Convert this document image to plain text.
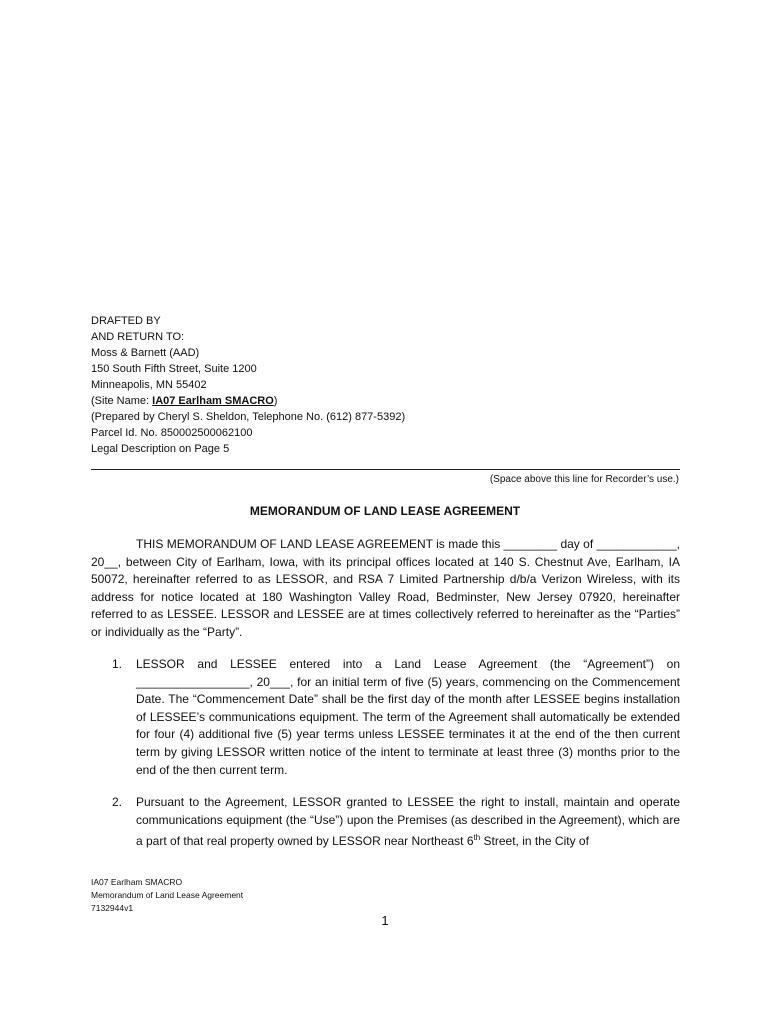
DRAFTED BY
AND RETURN TO:
Moss & Barnett (AAD)
150 South Fifth Street, Suite 1200
Minneapolis, MN 55402
(Site Name: IA07 Earlham SMACRO)
(Prepared by Cheryl S. Sheldon, Telephone No. (612) 877-5392)
Parcel Id. No. 850002500062100
Legal Description on Page 5
(Space above this line for Recorder’s use.)
MEMORANDUM OF LAND LEASE AGREEMENT
THIS MEMORANDUM OF LAND LEASE AGREEMENT is made this ________ day of ____________, 20__, between City of Earlham, Iowa, with its principal offices located at 140 S. Chestnut Ave, Earlham, IA 50072, hereinafter referred to as LESSOR, and RSA 7 Limited Partnership d/b/a Verizon Wireless, with its address for notice located at 180 Washington Valley Road, Bedminster, New Jersey 07920, hereinafter referred to as LESSEE. LESSOR and LESSEE are at times collectively referred to hereinafter as the “Parties” or individually as the “Party”.
1. LESSOR and LESSEE entered into a Land Lease Agreement (the “Agreement”) on _________________, 20___, for an initial term of five (5) years, commencing on the Commencement Date. The “Commencement Date” shall be the first day of the month after LESSEE begins installation of LESSEE’s communications equipment. The term of the Agreement shall automatically be extended for four (4) additional five (5) year terms unless LESSEE terminates it at the end of the then current term by giving LESSOR written notice of the intent to terminate at least three (3) months prior to the end of the then current term.
2. Pursuant to the Agreement, LESSOR granted to LESSEE the right to install, maintain and operate communications equipment (the “Use”) upon the Premises (as described in the Agreement), which are a part of that real property owned by LESSOR near Northeast 6th Street, in the City of
IA07 Earlham SMACRO
Memorandum of Land Lease Agreement
7132944v1
1
